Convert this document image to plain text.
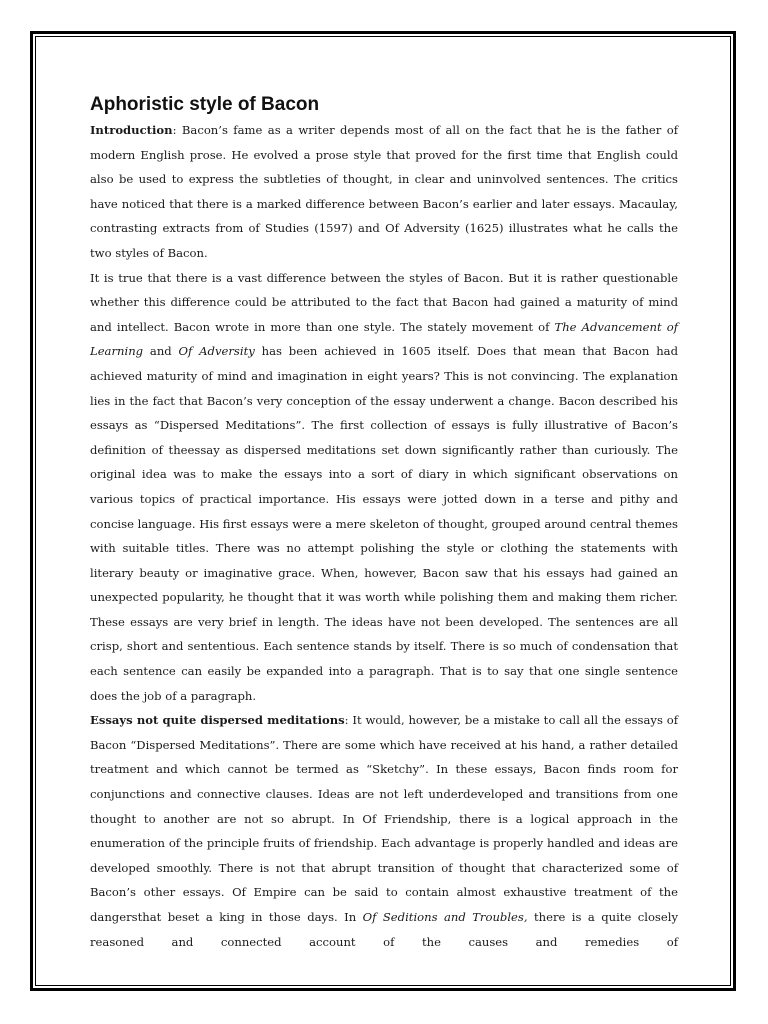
Aphoristic style of Bacon

Introduction: Bacon’s fame as a writer depends most of all on the fact that he is the father of modern English prose. He evolved a prose style that proved for the first time that English could also be used to express the subtleties of thought, in clear and uninvolved sentences. The critics have noticed that there is a marked difference between Bacon’s earlier and later essays. Macaulay, contrasting extracts from of Studies (1597) and Of Adversity (1625) illustrates what he calls the two styles of Bacon.

It is true that there is a vast difference between the styles of Bacon. But it is rather questionable whether this difference could be attributed to the fact that Bacon had gained a maturity of mind and intellect. Bacon wrote in more than one style. The stately movement of The Advancement of Learning and Of Adversity has been achieved in 1605 itself. Does that mean that Bacon had achieved maturity of mind and imagination in eight years? This is not convincing. The explanation lies in the fact that Bacon’s very conception of the essay underwent a change. Bacon described his essays as “Dispersed Meditations”. The first collection of essays is fully illustrative of Bacon’s definition of theessay as dispersed meditations set down significantly rather than curiously. The original idea was to make the essays into a sort of diary in which significant observations on various topics of practical importance. His essays were jotted down in a terse and pithy and concise language. His first essays were a mere skeleton of thought, grouped around central themes with suitable titles. There was no attempt polishing the style or clothing the statements with literary beauty or imaginative grace. When, however, Bacon saw that his essays had gained an unexpected popularity, he thought that it was worth while polishing them and making them richer. These essays are very brief in length. The ideas have not been developed. The sentences are all crisp, short and sententious. Each sentence stands by itself. There is so much of condensation that each sentence can easily be expanded into a paragraph. That is to say that one single sentence does the job of a paragraph.

Essays not quite dispersed meditations: It would, however, be a mistake to call all the essays of Bacon “Dispersed Meditations”. There are some which have received at his hand, a rather detailed treatment and which cannot be termed as “Sketchy”. In these essays, Bacon finds room for conjunctions and connective clauses. Ideas are not left underdeveloped and transitions from one thought to another are not so abrupt. In Of Friendship, there is a logical approach in the enumeration of the principle fruits of friendship. Each advantage is properly handled and ideas are developed smoothly. There is not that abrupt transition of thought that characterized some of Bacon’s other essays. Of Empire can be said to contain almost exhaustive treatment of the dangersthat beset a king in those days. In Of Seditions and Troubles, there is a quite closely reasoned and connected account of the causes and remedies of
